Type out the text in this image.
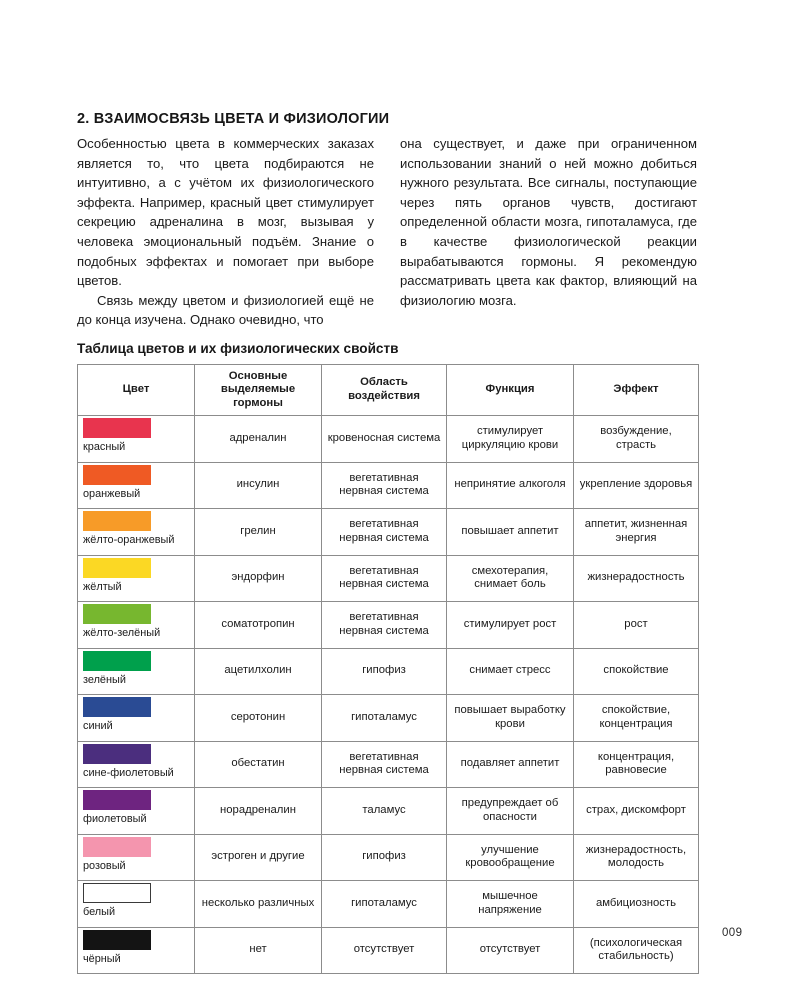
2. ВЗАИМОСВЯЗЬ ЦВЕТА И ФИЗИОЛОГИИ

Особенностью цвета в коммерческих заказах является то, что цвета подбираются не интуитивно, а с учётом их физиологического эффекта. Например, красный цвет стимулирует секрецию адреналина в мозг, вызывая у человека эмоциональный подъём. Знание о подобных эффектах и помогает при выборе цветов.

Связь между цветом и физиологией ещё не до конца изучена. Однако очевидно, что

она существует, и даже при ограниченном использовании знаний о ней можно добиться нужного результата. Все сигналы, поступающие через пять органов чувств, достигают определенной области мозга, гипоталамуса, где в качестве физиологической реакции вырабатываются гормоны. Я рекомендую рассматривать цвета как фактор, влияющий на физиологию мозга.

Таблица цветов и их физиологических свойств
Цвет	Основные выделяемые гормоны	Область воздействия	Функция	Эффект

красный	адреналин	кровеносная система	стимулирует циркуляцию крови	возбуждение, страсть

оранжевый	инсулин	вегетативная нервная система	непринятие алкоголя	укрепление здоровья

жёлто-оранжевый	грелин	вегетативная нервная система	повышает аппетит	аппетит, жизненная энергия

жёлтый	эндорфин	вегетативная нервная система	смехотерапия, снимает боль	жизнерадостность

жёлто-зелёный	соматотропин	вегетативная нервная система	стимулирует рост	рост

зелёный	ацетилхолин	гипофиз	снимает стресс	спокойствие

синий	серотонин	гипоталамус	повышает выработку крови	спокойствие, концентрация

сине-фиолетовый	обестатин	вегетативная нервная система	подавляет аппетит	концентрация, равновесие

фиолетовый	норадреналин	таламус	предупреждает об опасности	страх, дискомфорт

розовый	эстроген и другие	гипофиз	улучшение кровообращение	жизнерадостность, молодость

белый	несколько различных	гипоталамус	мышечное напряжение	амбициозность

чёрный	нет	отсутствует	отсутствует	(психологическая стабильность)
009
